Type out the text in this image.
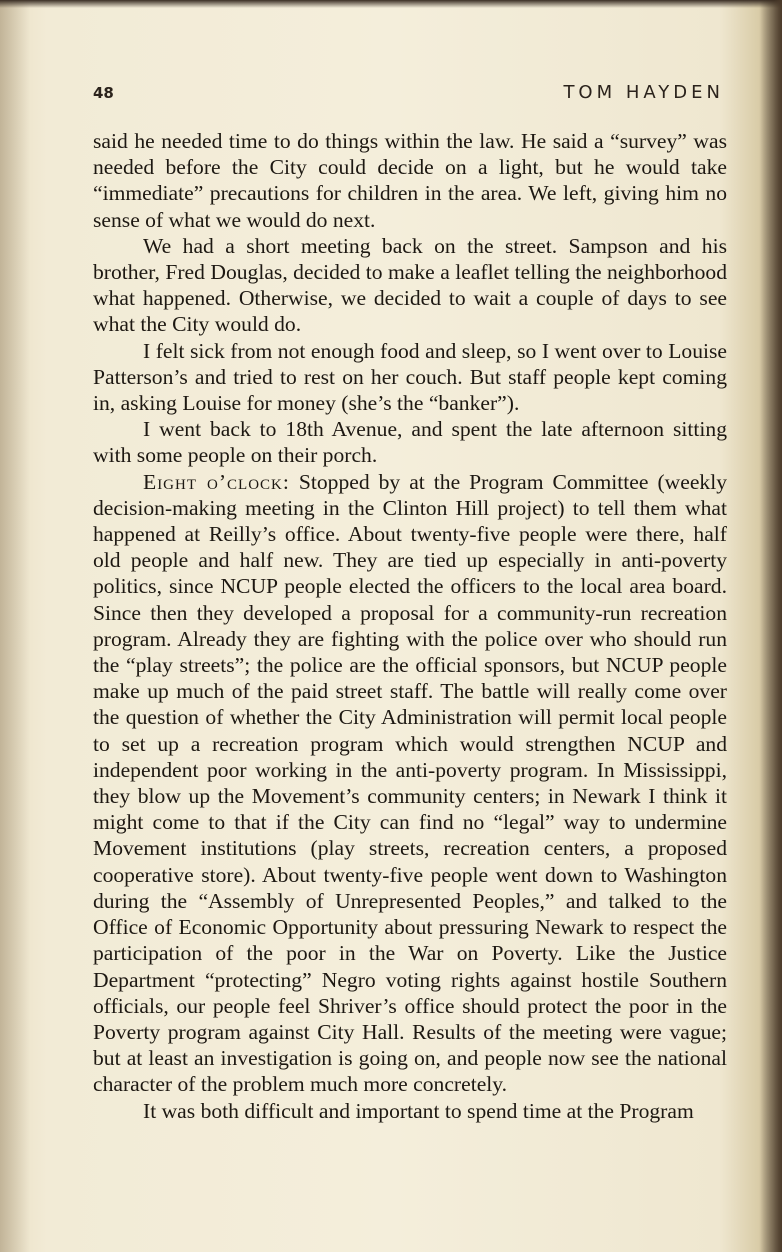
48	TOM HAYDEN

said he needed time to do things within the law. He said a “survey” was needed before the City could decide on a light, but he would take “immediate” precautions for children in the area. We left, giving him no sense of what we would do next.

We had a short meeting back on the street. Sampson and his brother, Fred Douglas, decided to make a leaflet telling the neighborhood what happened. Otherwise, we decided to wait a couple of days to see what the City would do.

I felt sick from not enough food and sleep, so I went over to Louise Patterson’s and tried to rest on her couch. But staff people kept coming in, asking Louise for money (she’s the “banker”).

I went back to 18th Avenue, and spent the late afternoon sitting with some people on their porch.

Eight o’clock: Stopped by at the Program Committee (weekly decision-making meeting in the Clinton Hill project) to tell them what happened at Reilly’s office. About twenty-five people were there, half old people and half new. They are tied up especially in anti-poverty politics, since NCUP people elected the officers to the local area board. Since then they developed a proposal for a community-run recreation program. Already they are fighting with the police over who should run the “play streets”; the police are the official sponsors, but NCUP people make up much of the paid street staff. The battle will really come over the question of whether the City Administration will permit local people to set up a recreation program which would strengthen NCUP and independent poor working in the anti-poverty program. In Mississippi, they blow up the Movement’s community centers; in Newark I think it might come to that if the City can find no “legal” way to undermine Movement institutions (play streets, recreation centers, a proposed cooperative store). About twenty-five people went down to Washington during the “Assembly of Unrepresented Peoples,” and talked to the Office of Economic Opportunity about pressuring Newark to respect the participation of the poor in the War on Poverty. Like the Justice Department “protecting” Negro voting rights against hostile Southern officials, our people feel Shriver’s office should protect the poor in the Poverty program against City Hall. Results of the meeting were vague; but at least an investigation is going on, and people now see the national character of the problem much more concretely.

It was both difficult and important to spend time at the Program
